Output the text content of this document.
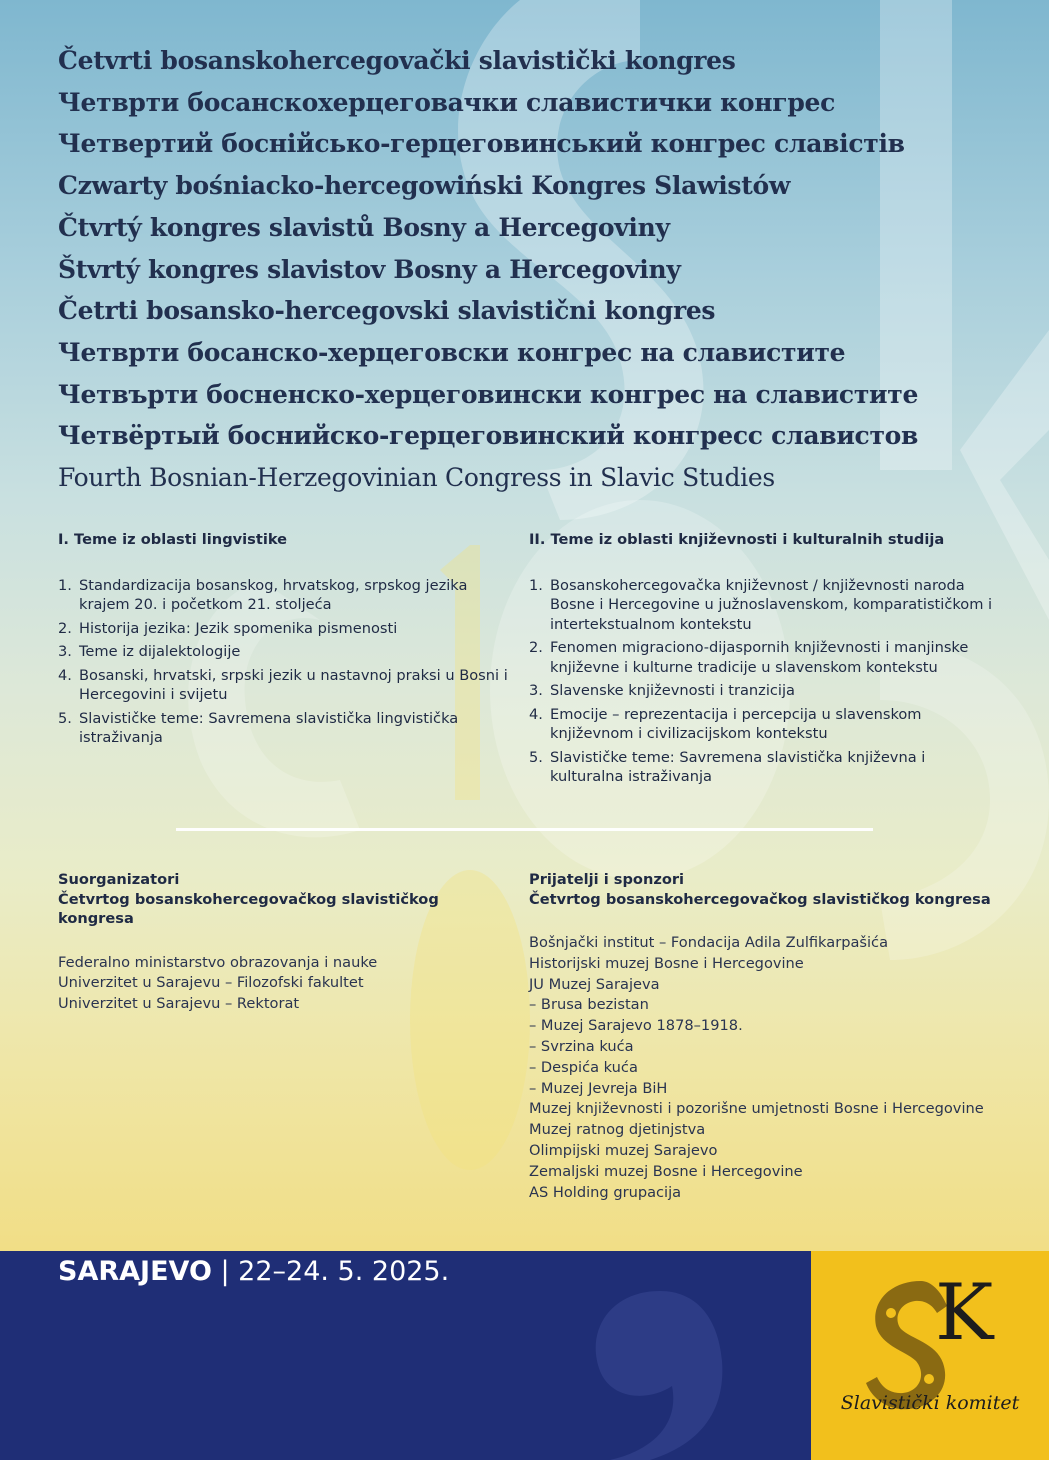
Četvrti bosanskohercegovački slavistički kongres
Четврти босанскохерцеговачки славистички конгрес
Четвертий боснійсько-герцеговинський конгрес славістів
Czwarty bośniacko-hercegowiński Kongres Slawistów
Čtvrtý kongres slavistů Bosny a Hercegoviny
Štvrtý kongres slavistov Bosny a Hercegoviny
Četrti bosansko-hercegovski slavistični kongres
Четврти босанско-херцеговски конгрес на славистите
Четвърти босненско-херцеговински конгрес на славистите
Четвёртый боснийско-герцеговинский конгресс славистов
Fourth Bosnian-Herzegovinian Congress in Slavic Studies
I. Teme iz oblasti lingvistike
1. Standardizacija bosanskog, hrvatskog, srpskog jezika krajem 20. i početkom 21. stoljeća
2. Historija jezika: Jezik spomenika pismenosti
3. Teme iz dijalektologije
4. Bosanski, hrvatski, srpski jezik u nastavnoj praksi u Bosni i Hercegovini i svijetu
5. Slavističke teme: Savremena slavistička lingvistička istraživanja
II. Teme iz oblasti književnosti i kulturalnih studija
1. Bosanskohercegovačka književnost / književnosti naroda Bosne i Hercegovine u južnoslavenskom, komparatističkom i intertekstualnom kontekstu
2. Fenomen migraciono-dijaspornih književnosti i manjinske književne i kulturne tradicije u slavenskom kontekstu
3. Slavenske književnosti i tranzicija
4. Emocije – reprezentacija i percepcija u slavenskom književnom i civilizacijskom kontekstu
5. Slavističke teme: Savremena slavistička književna i kulturalna istraživanja
Suorganizatori
Četvrtog bosanskohercegovačkog slavističkog kongresa
Federalno ministarstvo obrazovanja i nauke
Univerzitet u Sarajevu – Filozofski fakultet
Univerzitet u Sarajevu – Rektorat
Prijatelji i sponzori
Četvrtog bosanskohercegovačkog slavističkog kongresa
Bošnjački institut – Fondacija Adila Zulfikarpašića
Historijski muzej Bosne i Hercegovine
JU Muzej Sarajeva
– Brusa bezistan
– Muzej Sarajevo 1878–1918.
– Svrzina kuća
– Despića kuća
– Muzej Jevreja BiH
Muzej književnosti i pozorišne umjetnosti Bosne i Hercegovine
Muzej ratnog djetinjstva
Olimpijski muzej Sarajevo
Zemaljski muzej Bosne i Hercegovine
AS Holding grupacija
SARAJEVO | 22–24. 5. 2025.	K
Slavistički komitet
